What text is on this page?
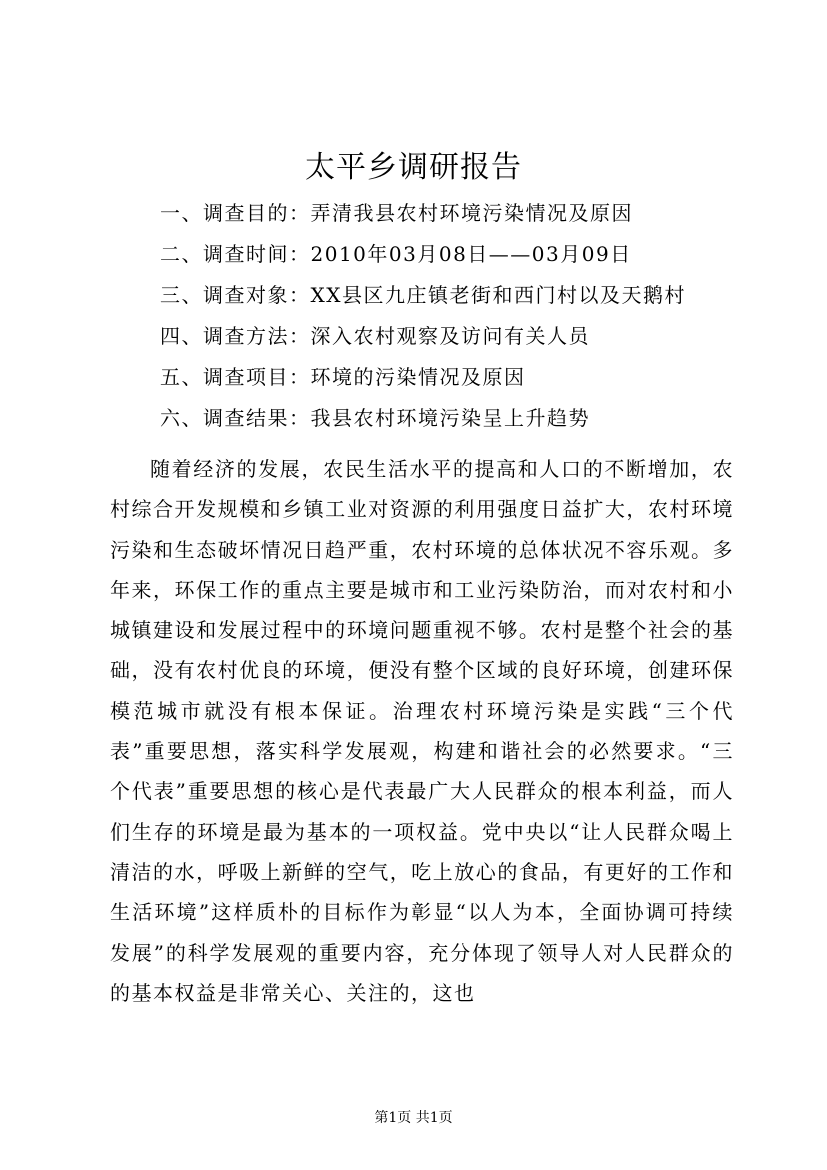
太平乡调研报告
一、调查目的：弄清我县农村环境污染情况及原因
二、调查时间：2010年03月08日——03月09日
三、调查对象：XX县区九庄镇老街和西门村以及天鹅村
四、调查方法：深入农村观察及访问有关人员
五、调查项目：环境的污染情况及原因
六、调查结果：我县农村环境污染呈上升趋势
随着经济的发展，农民生活水平的提高和人口的不断增加，农村综合开发规模和乡镇工业对资源的利用强度日益扩大，农村环境污染和生态破坏情况日趋严重，农村环境的总体状况不容乐观。多年来，环保工作的重点主要是城市和工业污染防治，而对农村和小城镇建设和发展过程中的环境问题重视不够。农村是整个社会的基础，没有农村优良的环境，便没有整个区域的良好环境，创建环保模范城市就没有根本保证。治理农村环境污染是实践“三个代表”重要思想，落实科学发展观，构建和谐社会的必然要求。“三个代表”重要思想的核心是代表最广大人民群众的根本利益，而人们生存的环境是最为基本的一项权益。党中央以“让人民群众喝上清洁的水，呼吸上新鲜的空气，吃上放心的食品，有更好的工作和生活环境”这样质朴的目标作为彰显“以人为本，全面协调可持续发展”的科学发展观的重要内容，充分体现了领导人对人民群众的的基本权益是非常关心、关注的，这也
第1页 共1页
